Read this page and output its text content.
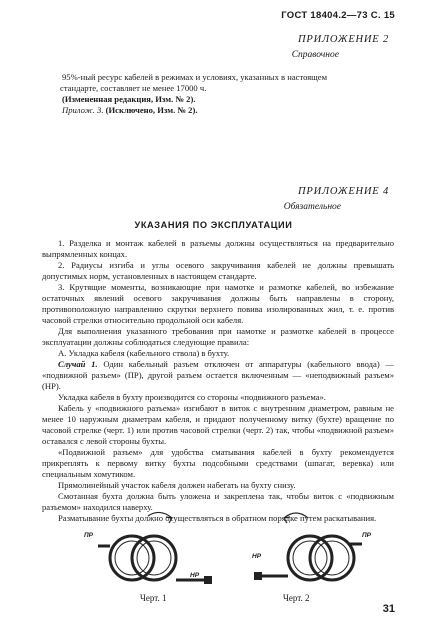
ГОСТ 18404.2—73 С. 15
ПРИЛОЖЕНИЕ 2
Справочное
95%-ный ресурс кабелей в режимах и условиях, указанных в настоящем
стандарте, составляет не менее 17000 ч.
(Измененная редакция, Изм. № 2).
Прилож. 3. (Исключено, Изм. № 2).
ПРИЛОЖЕНИЕ 4
Обязательное
УКАЗАНИЯ ПО ЭКСПЛУАТАЦИИ
1. Разделка и монтаж кабелей в разъемы должны осуществляться на предварительно выпрямленных концах.
2. Радиусы изгиба и углы осевого закручивания кабелей не должны превышать допустимых норм, установленных в настоящем стандарте.
3. Крутящие моменты, возникающие при намотке и размотке кабелей, во избежание остаточных явлений осевого закручивания должны быть направлены в сторону, противоположную направлению скрутки верхнего повива изолированных жил, т. е. против часовой стрелки относительно продольной оси кабеля.
Для выполнения указанного требования при намотке и размотке кабелей в процессе эксплуатации должны соблюдаться следующие правила:
А. Укладка кабеля (кабельного ствола) в бухту.
Случай 1. Один кабельный разъем отключен от аппаратуры (кабельного ввода) — «подвижной разъем» (ПР), другой разъем остается включенным — «неподвижный разъем» (НР).
Укладка кабеля в бухту производится со стороны «подвижного разъема».
Кабель у «подвижного разъема» изгибают в виток с внутренним диаметром, равным не менее 10 наружным диаметрам кабеля, и придают полученному витку (бухте) вращение по часовой стрелке (черт. 1) или против часовой стрелки (черт. 2) так, чтобы «подвижной разъем» оставался с левой стороны бухты.
«Подвижной разъем» для удобства сматывания кабелей в бухту рекомендуется прикреплять к первому витку бухты подсобными средствами (шпагат, веревка) или специальным хомутиком.
Прямолинейный участок кабеля должен набегать на бухту снизу.
Смотанная бухта должна быть уложена и закреплена так, чтобы виток с «подвижным разъемом» находился наверху.
Разматывание бухты должно осуществляться в обратном порядке путем раскатывания.
ПР
НР
Черт. 1
НР
ПР
Черт. 2
31
